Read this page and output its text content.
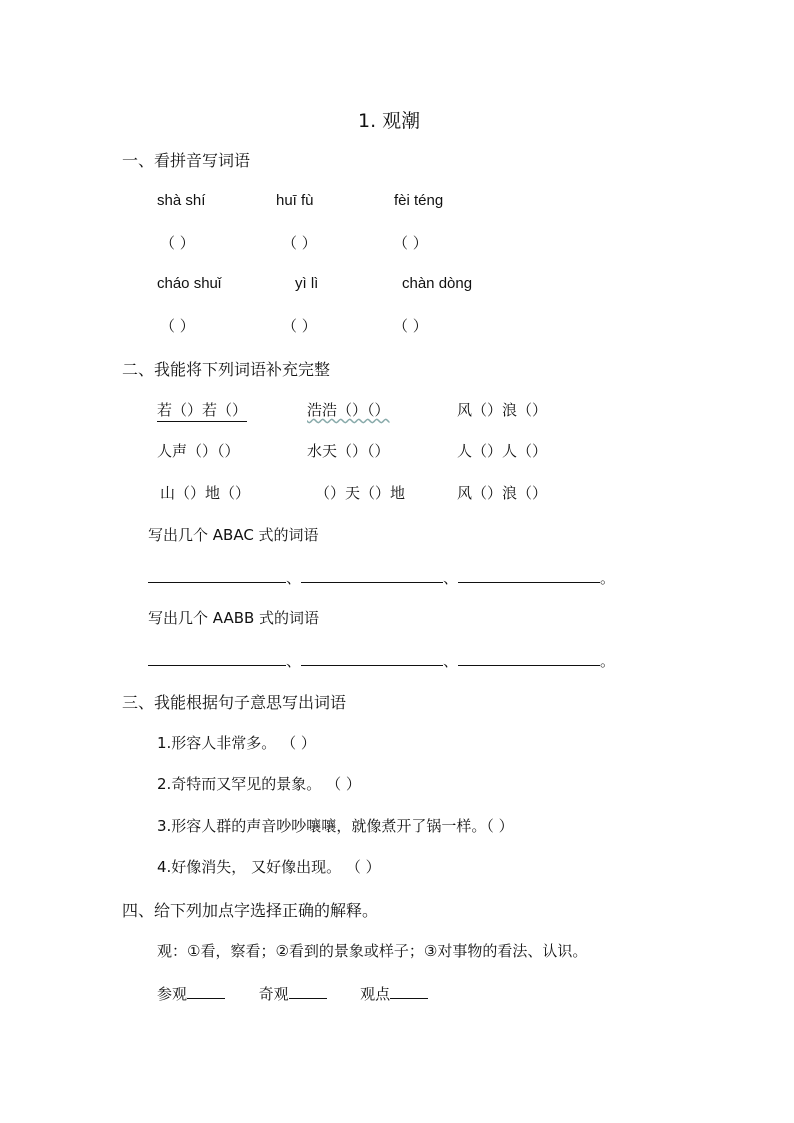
1. 观潮
一、看拼音写词语
shà shí	huī fù	fèi téng
（ ）	（ ）	（ ）
cháo shuǐ	yì lì	chàn dòng
（ ）	（ ）	（ ）
二、我能将下列词语补充完整
若（）若（）	浩浩（）（）	风（）浪（）
人声（）（）	水天（）（）	人（）人（）
山（）地（）	（）天（）地	风（）浪（）
写出几个 ABAC 式的词语
、	、	。
写出几个 AABB 式的词语
、	、	。
三、我能根据句子意思写出词语
1.形容人非常多。 （ ）
2.奇特而又罕见的景象。 （ ）
3.形容人群的声音吵吵嚷嚷，就像煮开了锅一样。（ ）
4.好像消失， 又好像出现。 （ ）
四、给下列加点字选择正确的解释。
观：①看，察看；②看到的景象或样子；③对事物的看法、认识。
参观	奇观	观点
